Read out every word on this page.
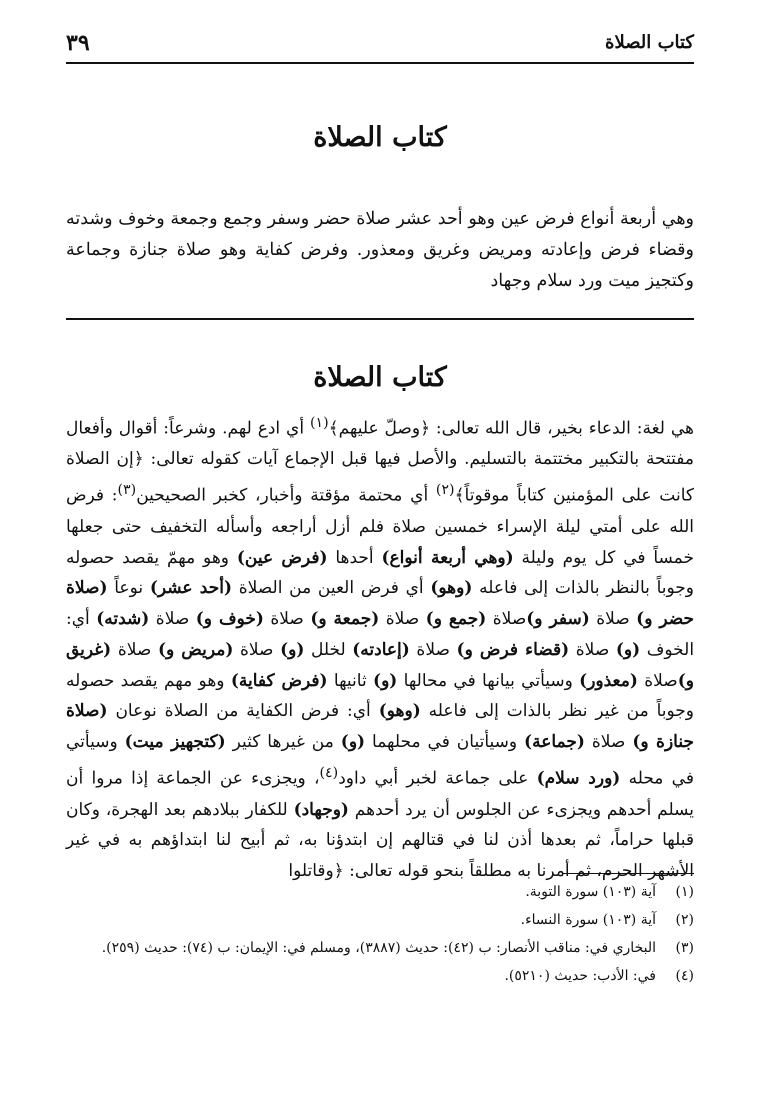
كتاب الصلاة
٣٩
كتاب الصلاة
وهي أربعة أنواع فرض عين وهو أحد عشر صلاة حضر وسفر وجمع وجمعة وخوف وشدته وقضاء فرض وإعادته ومريض وغريق ومعذور. وفرض كفاية وهو صلاة جنازة وجماعة وكتجيز ميت ورد سلام وجهاد
كتاب الصلاة
هي لغة: الدعاء بخير، قال الله تعالى: ﴿وصلّ عليهم﴾$^{(١)}$ أي ادع لهم. وشرعاً: أقوال وأفعال مفتتحة بالتكبير مختتمة بالتسليم. والأصل فيها قبل الإجماع آيات كقوله تعالى: ﴿إن الصلاة كانت على المؤمنين كتاباً موقوتاً﴾$^{(٢)}$ أي محتمة مؤقتة وأخبار، كخبر الصحيحين$^{(٣)}$: فرض الله على أمتي ليلة الإسراء خمسين صلاة فلم أزل أراجعه وأسأله التخفيف حتى جعلها خمساً في كل يوم وليلة (وهي أربعة أنواع) أحدها (فرض عين) وهو مهمّ يقصد حصوله وجوباً بالنظر بالذات إلى فاعله (وهو) أي فرض العين من الصلاة (أحد عشر) نوعاً (صلاة حضر و) صلاة (سفر و)صلاة (جمع و) صلاة (جمعة و) صلاة (خوف و) صلاة (شدته) أي: الخوف (و) صلاة (قضاء فرض و) صلاة (إعادته) لخلل (و) صلاة (مريض و) صلاة (غريق و)صلاة (معذور) وسيأتي بيانها في محالها (و) ثانيها (فرض كفاية) وهو مهم يقصد حصوله وجوباً من غير نظر بالذات إلى فاعله (وهو) أي: فرض الكفاية من الصلاة نوعان (صلاة جنازة و) صلاة (جماعة) وسيأتيان في محلهما (و) من غيرها كثير (كتجهيز ميت) وسيأتي في محله (ورد سلام) على جماعة لخبر أبي داود$^{(٤)}$، ويجزىء عن الجماعة إذا مروا أن يسلم أحدهم ويجزىء عن الجلوس أن يرد أحدهم (وجهاد) للكفار ببلادهم بعد الهجرة، وكان قبلها حراماً، ثم بعدها أذن لنا في قتالهم إن ابتدؤنا به، ثم أبيح لنا ابتداؤهم به في غير الأشهر الحرم، ثم أمرنا به مطلقاً بنحو قوله تعالى: ﴿وقاتلوا
(١)
آية (١٠٣) سورة التوبة.
(٢)
آية (١٠٣) سورة النساء.
(٣)
البخاري في: مناقب الأنصار: ب (٤٢): حديث (٣٨٨٧)، ومسلم في: الإيمان: ب (٧٤): حديث (٢٥٩).
(٤)
في: الأدب: حديث (٥٢١٠).
